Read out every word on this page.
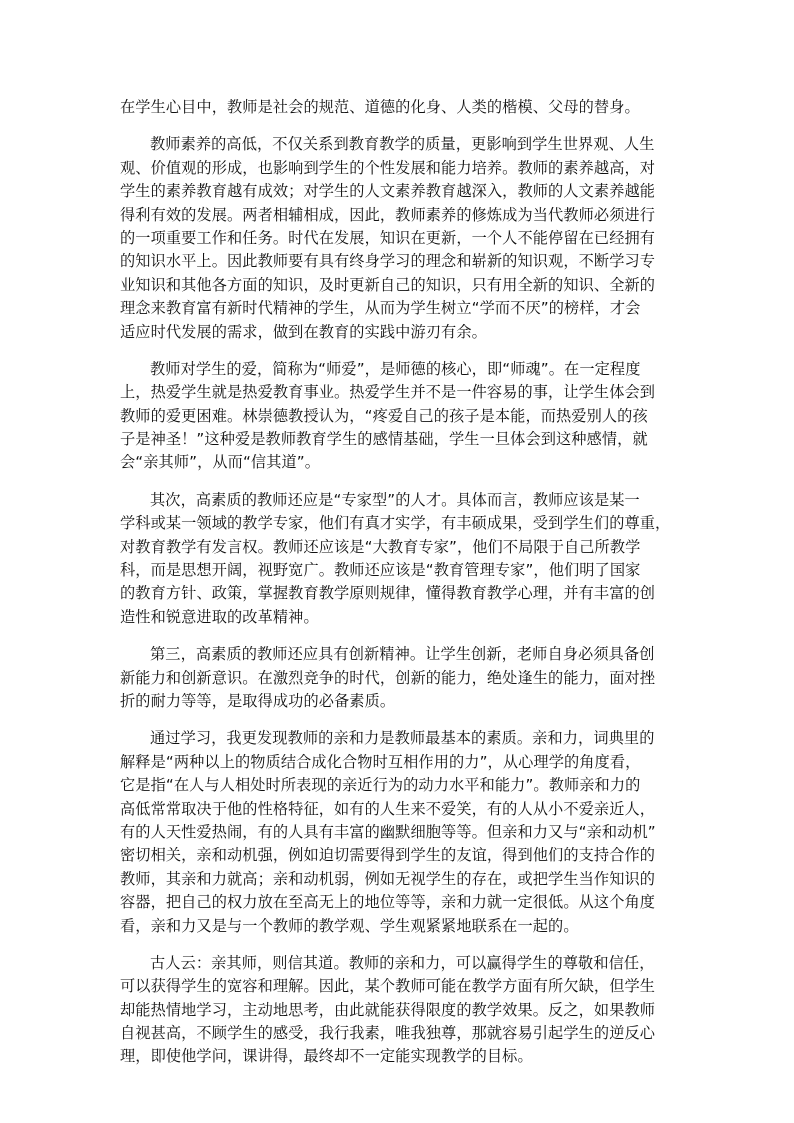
在学生心目中，教师是社会的规范、道德的化身、人类的楷模、父母的替身。
教师素养的高低，不仅关系到教育教学的质量，更影响到学生世界观、人生
观、价值观的形成，也影响到学生的个性发展和能力培养。教师的素养越高，对
学生的素养教育越有成效；对学生的人文素养教育越深入，教师的人文素养越能
得利有效的发展。两者相辅相成，因此，教师素养的修炼成为当代教师必须进行
的一项重要工作和任务。时代在发展，知识在更新，一个人不能停留在已经拥有
的知识水平上。因此教师要有具有终身学习的理念和崭新的知识观，不断学习专
业知识和其他各方面的知识，及时更新自己的知识，只有用全新的知识、全新的
理念来教育富有新时代精神的学生，从而为学生树立“学而不厌”的榜样，才会
适应时代发展的需求，做到在教育的实践中游刃有余。
教师对学生的爱，简称为“师爱”，是师德的核心，即“师魂”。在一定程度
上，热爱学生就是热爱教育事业。热爱学生并不是一件容易的事，让学生体会到
教师的爱更困难。林崇德教授认为，“疼爱自己的孩子是本能，而热爱别人的孩
子是神圣！”这种爱是教师教育学生的感情基础，学生一旦体会到这种感情，就
会“亲其师”，从而“信其道”。
其次，高素质的教师还应是“专家型”的人才。具体而言，教师应该是某一
学科或某一领域的教学专家，他们有真才实学，有丰硕成果，受到学生们的尊重，
对教育教学有发言权。教师还应该是“大教育专家”，他们不局限于自己所教学
科，而是思想开阔，视野宽广。教师还应该是“教育管理专家”，他们明了国家
的教育方针、政策，掌握教育教学原则规律，懂得教育教学心理，并有丰富的创
造性和锐意进取的改革精神。
第三，高素质的教师还应具有创新精神。让学生创新，老师自身必须具备创
新能力和创新意识。在激烈竞争的时代，创新的能力，绝处逢生的能力，面对挫
折的耐力等等，是取得成功的必备素质。
通过学习，我更发现教师的亲和力是教师最基本的素质。亲和力，词典里的
解释是“两种以上的物质结合成化合物时互相作用的力”，从心理学的角度看，
它是指“在人与人相处时所表现的亲近行为的动力水平和能力”。教师亲和力的
高低常常取决于他的性格特征，如有的人生来不爱笑，有的人从小不爱亲近人，
有的人天性爱热闹，有的人具有丰富的幽默细胞等等。但亲和力又与“亲和动机”
密切相关，亲和动机强，例如迫切需要得到学生的友谊，得到他们的支持合作的
教师，其亲和力就高；亲和动机弱，例如无视学生的存在，或把学生当作知识的
容器，把自己的权力放在至高无上的地位等等，亲和力就一定很低。从这个角度
看，亲和力又是与一个教师的教学观、学生观紧紧地联系在一起的。
古人云：亲其师，则信其道。教师的亲和力，可以赢得学生的尊敬和信任，
可以获得学生的宽容和理解。因此，某个教师可能在教学方面有所欠缺，但学生
却能热情地学习，主动地思考，由此就能获得限度的教学效果。反之，如果教师
自视甚高，不顾学生的感受，我行我素，唯我独尊，那就容易引起学生的逆反心
理，即使他学问，课讲得，最终却不一定能实现教学的目标。
